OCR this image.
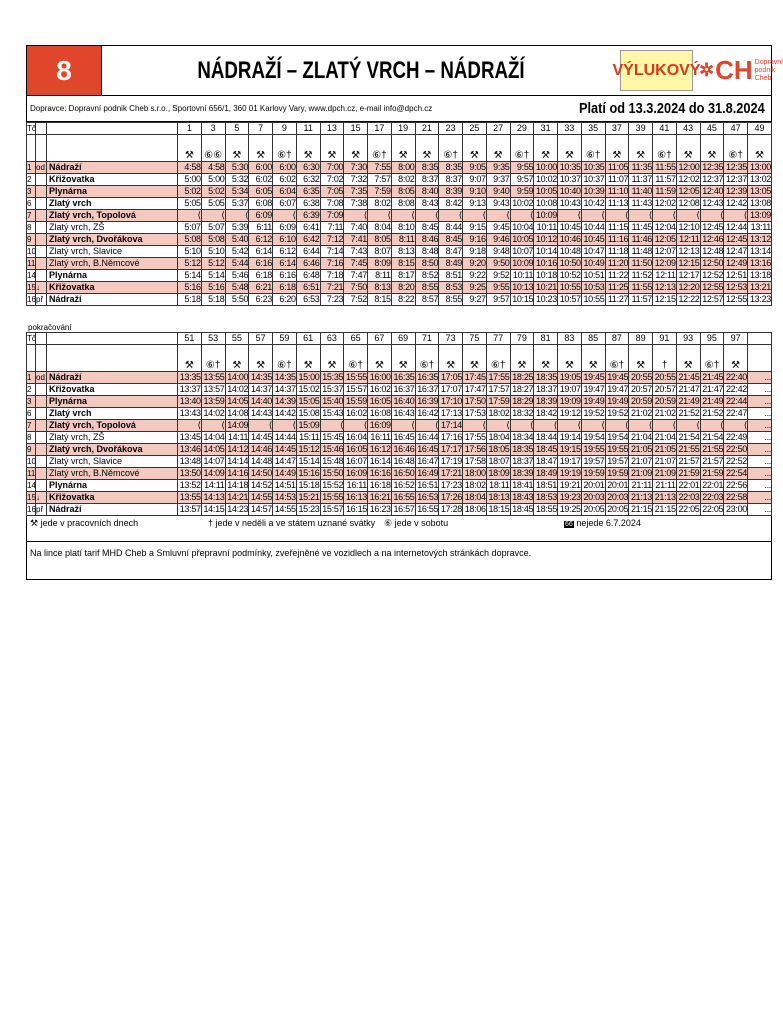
8	NÁDRAŽÍ – ZLATÝ VRCH – NÁDRAŽÍ	VÝLUKOVÝ
✲ CH Dopravní
podnik
Cheb
Dopravce: Dopravní podnik Cheb s.r.o., Sportovní 656/1, 360 01 Karlovy Vary, www.dpch.cz, e-mail info@dpch.cz	Platí od 13.3.2024 do 31.8.2024
Tč			1	3	5	7	9	11	13	15	17	19	21	23	25	27	29	31	33	35	37	39	41	43	45	47	49
			⚒	⑥⑥	⚒	⚒	⑥†	⚒	⚒	⚒	⑥†	⚒	⚒	⑥†	⚒	⚒	⑥†	⚒	⚒	⑥†	⚒	⚒	⑥†	⚒	⚒	⑥†	⚒
1	od	Nádraží	4:58	4:58	5:30	6:00	6:00	6:30	7:00	7:30	7:55	8:00	8:35	8:35	9:05	9:35	9:55	10:00	10:35	10:35	11:05	11:35	11:55	12:00	12:35	12:35	13:00
2		Křižovatka	5:00	5:00	5:32	6:02	6:02	6:32	7:02	7:32	7:57	8:02	8:37	8:37	9:07	9:37	9:57	10:02	10:37	10:37	11:07	11:37	11:57	12:02	12:37	12:37	13:02
3		Plynárna	5:02	5:02	5:34	6:05	6:04	6:35	7:05	7:35	7:59	8:05	8:40	8:39	9:10	9:40	9:59	10:05	10:40	10:39	11:10	11:40	11:59	12:05	12:40	12:39	13:05
6		Zlatý vrch	5:05	5:05	5:37	6:08	6:07	6:38	7:08	7:38	8:02	8:08	8:43	8:42	9:13	9:43	10:02	10:08	10:43	10:42	11:13	11:43	12:02	12:08	12:43	12:42	13:08
7		Zlatý vrch, Topolová	⟨	⟨	⟨	6:09	⟨	6:39	7:09	⟨	⟨	⟨	⟨	⟨	⟨	⟨	⟨	10:09	⟨	⟨	⟨	⟨	⟨	⟨	⟨	⟨	13:09
8		Zlatý vrch, ZŠ	5:07	5:07	5:39	6:11	6:09	6:41	7:11	7:40	8:04	8:10	8:45	8:44	9:15	9:45	10:04	10:11	10:45	10:44	11:15	11:45	12:04	12:10	12:45	12:44	13:11
9		Zlatý vrch, Dvořákova	5:08	5:08	5:40	6:12	6:10	6:42	7:12	7:41	8:05	8:11	8:46	8:45	9:16	9:46	10:05	10:12	10:46	10:45	11:16	11:46	12:05	12:11	12:46	12:45	13:12
10		Zlatý vrch, Slavice	5:10	5:10	5:42	6:14	6:12	6:44	7:14	7:43	8:07	8:13	8:48	8:47	9:18	9:48	10:07	10:14	10:48	10:47	11:18	11:48	12:07	12:13	12:48	12:47	13:14
11		Zlatý vrch, B.Němcové	5:12	5:12	5:44	6:16	6:14	6:46	7:16	7:45	8:09	8:15	8:50	8:49	9:20	9:50	10:09	10:16	10:50	10:49	11:20	11:50	12:09	12:15	12:50	12:49	13:16
14		Plynárna	5:14	5:14	5:46	6:18	6:16	6:48	7:18	7:47	8:11	8:17	8:52	8:51	9:22	9:52	10:11	10:18	10:52	10:51	11:22	11:52	12:11	12:17	12:52	12:51	13:18
15	↓	Křižovatka	5:16	5:16	5:48	6:21	6:18	6:51	7:21	7:50	8:13	8:20	8:55	8:53	9:25	9:55	10:13	10:21	10:55	10:53	11:25	11:55	12:13	12:20	12:55	12:53	13:21
16	př	Nádraží	5:18	5:18	5:50	6:23	6:20	6:53	7:23	7:52	8:15	8:22	8:57	8:55	9:27	9:57	10:15	10:23	10:57	10:55	11:27	11:57	12:15	12:22	12:57	12:55	13:23
pokračování
Tč			51	53	55	57	59	61	63	65	67	69	71	73	75	77	79	81	83	85	87	89	91	93	95	97	
			⚒	⑥†	⚒	⚒	⑥†	⚒	⚒	⑥†	⚒	⚒	⑥†	⚒	⚒	⑥†	⚒	⚒	⚒	⚒	⑥†	⚒	†	⚒	⑥†	⚒	
1	od	Nádraží	13:35	13:55	14:00	14:35	14:35	15:00	15:35	15:55	16:00	16:35	16:35	17:05	17:45	17:55	18:25	18:35	19:05	19:45	19:45	20:55	20:55	21:45	21:45	22:40	...
2		Křižovatka	13:37	13:57	14:02	14:37	14:37	15:02	15:37	15:57	16:02	16:37	16:37	17:07	17:47	17:57	18:27	18:37	19:07	19:47	19:47	20:57	20:57	21:47	21:47	22:42	...
3		Plynárna	13:40	13:59	14:05	14:40	14:39	15:05	15:40	15:59	16:05	16:40	16:39	17:10	17:50	17:59	18:29	18:39	19:09	19:49	19:49	20:59	20:59	21:49	21:49	22:44	...
6		Zlatý vrch	13:43	14:02	14:08	14:43	14:42	15:08	15:43	16:02	16:08	16:43	16:42	17:13	17:53	18:02	18:32	18:42	19:12	19:52	19:52	21:02	21:02	21:52	21:52	22:47	...
7		Zlatý vrch, Topolová	⟨	⟨	14:09	⟨	⟨	15:09	⟨	⟨	16:09	⟨	⟨	17:14	⟨	⟨	⟨	⟨	⟨	⟨	⟨	⟨	⟨	⟨	⟨	⟨	...
8		Zlatý vrch, ZŠ	13:45	14:04	14:11	14:45	14:44	15:11	15:45	16:04	16:11	16:45	16:44	17:16	17:55	18:04	18:34	18:44	19:14	19:54	19:54	21:04	21:04	21:54	21:54	22:49	...
9		Zlatý vrch, Dvořákova	13:46	14:05	14:12	14:46	14:45	15:12	15:46	16:05	16:12	16:46	16:45	17:17	17:56	18:05	18:35	18:45	19:15	19:55	19:55	21:05	21:05	21:55	21:55	22:50	...
10		Zlatý vrch, Slavice	13:48	14:07	14:14	14:48	14:47	15:14	15:48	16:07	16:14	16:48	16:47	17:19	17:58	18:07	18:37	18:47	19:17	19:57	19:57	21:07	21:07	21:57	21:57	22:52	...
11		Zlatý vrch, B.Němcové	13:50	14:09	14:16	14:50	14:49	15:16	15:50	16:09	16:16	16:50	16:49	17:21	18:00	18:09	18:39	18:49	19:19	19:59	19:59	21:09	21:09	21:59	21:59	22:54	...
14		Plynárna	13:52	14:11	14:18	14:52	14:51	15:18	15:52	16:11	16:18	16:52	16:51	17:23	18:02	18:11	18:41	18:51	19:21	20:01	20:01	21:11	21:11	22:01	22:01	22:56	...
15	↓	Křižovatka	13:55	14:13	14:21	14:55	14:53	15:21	15:55	16:13	16:21	16:55	16:53	17:26	18:04	18:13	18:43	18:53	19:23	20:03	20:03	21:13	21:13	22:03	22:03	22:58	...
16	př	Nádraží	13:57	14:15	14:23	14:57	14:55	15:23	15:57	16:15	16:23	16:57	16:55	17:28	18:06	18:15	18:45	18:55	19:25	20:05	20:05	21:15	21:15	22:05	22:05	23:00	...
⚒ jede v pracovních dnech	† jede v neděli a ve státem uznané svátky ⑥ jede v sobotu	66 nejede 6.7.2024
Na lince platí tarif MHD Cheb a Smluvní přepravní podmínky, zveřejněné ve vozidlech a na internetových stránkách dopravce.
